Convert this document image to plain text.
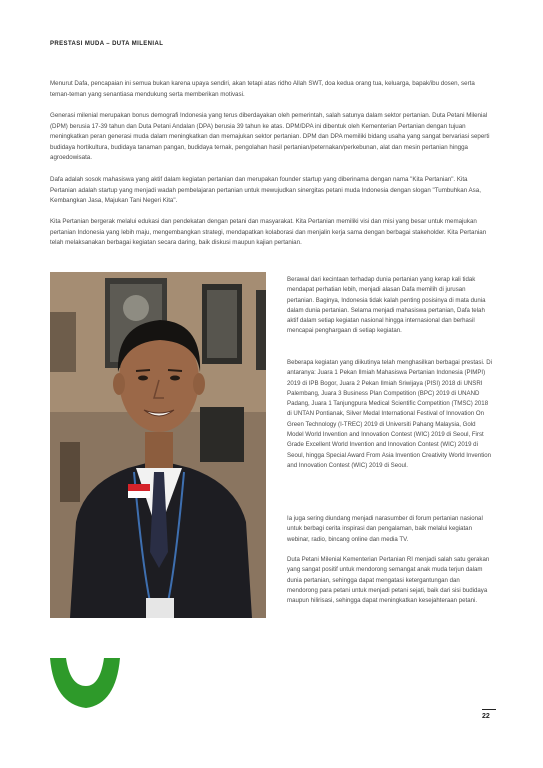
PRESTASI MUDA – DUTA MILENIAL

Menurut Dafa, pencapaian ini semua bukan karena upaya sendiri, akan tetapi atas ridho Allah SWT, doa kedua orang tua, keluarga, bapak/ibu dosen, serta teman-teman yang senantiasa mendukung serta memberikan motivasi.

Generasi milenial merupakan bonus demografi Indonesia yang terus diberdayakan oleh pemerintah, salah satunya dalam sektor pertanian. Duta Petani Milenial (DPM) berusia 17-39 tahun dan Duta Petani Andalan (DPA) berusia 39 tahun ke atas. DPM/DPA ini dibentuk oleh Kementerian Pertanian dengan tujuan meningkatkan peran generasi muda dalam meningkatkan dan memajukan sektor pertanian. DPM dan DPA memiliki bidang usaha yang sangat bervariasi seperti budidaya hortikultura, budidaya tanaman pangan, budidaya ternak, pengolahan hasil pertanian/peternakan/perkebunan, alat dan mesin pertanian hingga agroedowisata.

Dafa adalah sosok mahasiswa yang aktif dalam kegiatan pertanian dan merupakan founder startup yang diberinama dengan nama "Kita Pertanian". Kita Pertanian adalah startup yang menjadi wadah pembelajaran pertanian untuk mewujudkan sinergitas petani muda Indonesia dengan slogan "Tumbuhkan Asa, Kembangkan Jasa, Majukan Tani Negeri Kita".

Kita Pertanian bergerak melalui edukasi dan pendekatan dengan petani dan masyarakat. Kita Pertanian memiliki visi dan misi yang besar untuk memajukan pertanian Indonesia yang lebih maju, mengembangkan strategi, mendapatkan kolaborasi dan menjalin kerja sama dengan berbagai stakeholder. Kita Pertanian telah melaksanakan berbagai kegiatan secara daring, baik diskusi maupun kajian pertanian.

Berawal dari kecintaan terhadap dunia pertanian yang kerap kali tidak mendapat perhatian lebih, menjadi alasan Dafa memilih di jurusan pertanian. Baginya, Indonesia tidak kalah penting posisinya di mata dunia dalam dunia pertanian. Selama menjadi mahasiswa pertanian, Dafa telah aktif dalam setiap kegiatan nasional hingga internasional dan berhasil mencapai penghargaan di setiap kegiatan.

Beberapa kegiatan yang diikutinya telah menghasilkan berbagai prestasi. Di antaranya: Juara 1 Pekan Ilmiah Mahasiswa Pertanian Indonesia (PIMPI) 2019 di IPB Bogor, Juara 2 Pekan Ilmiah Sriwijaya (PISI) 2018 di UNSRI Palembang, Juara 3 Business Plan Competition (BPC) 2019 di UNAND Padang, Juara 1 Tanjungpura Medical Scientific Competition (TMSC) 2018 di UNTAN Pontianak, Silver Medal International Festival of Innovation On Green Technology (I-TREC) 2019 di Universiti Pahang Malaysia, Gold Model World Invention and Innovation Contest (WIC) 2019 di Seoul, First Grade Excellent World Invention and Innovation Contest (WIC) 2019 di Seoul, hingga Special Award From Asia Invention Creativity World Invention and Innovation Contest (WIC) 2019 di Seoul.

Ia juga sering diundang menjadi narasumber di forum pertanian nasional untuk berbagi cerita inspirasi dan pengalaman, baik melalui kegiatan webinar, radio, bincang online dan media TV.

Duta Petani Milenial Kementerian Pertanian RI menjadi salah satu gerakan yang sangat positif untuk mendorong semangat anak muda terjun dalam dunia pertanian, sehingga dapat mengatasi ketergantungan dan mendorong para petani untuk menjadi petani sejati, baik dari sisi budidaya maupun hilirisasi, sehingga dapat meningkatkan kesejahteraan petani.

22
